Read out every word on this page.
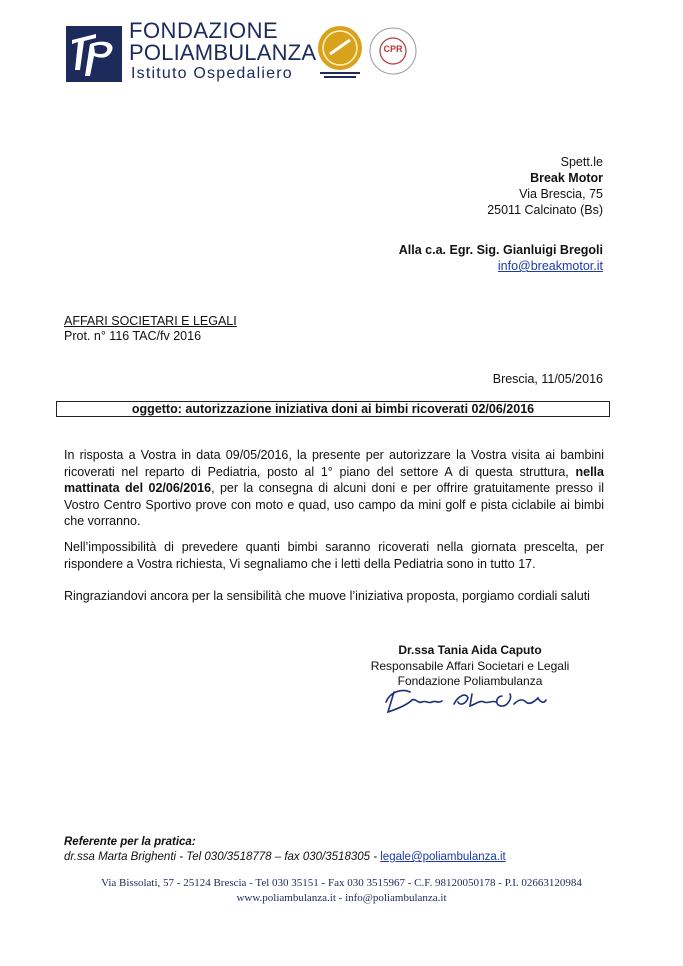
FONDAZIONE
POLIAMBULANZA
Istituto Ospedaliero
CPR
Spett.le
Break Motor
Via Brescia, 75
25011 Calcinato (Bs)
Alla c.a. Egr. Sig. Gianluigi Bregoli
info@breakmotor.it
AFFARI SOCIETARI E LEGALI
Prot. n° 116 TAC/fv 2016
Brescia, 11/05/2016
oggetto: autorizzazione iniziativa doni ai bimbi ricoverati 02/06/2016
In risposta a Vostra in data 09/05/2016, la presente per autorizzare la Vostra visita ai bambini ricoverati nel reparto di Pediatria, posto al 1° piano del settore A di questa struttura, nella mattinata del 02/06/2016, per la consegna di alcuni doni e per offrire gratuitamente presso il Vostro Centro Sportivo prove con moto e quad, uso campo da mini golf e pista ciclabile ai bimbi che vorranno.
Nell’impossibilità di prevedere quanti bimbi saranno ricoverati nella giornata prescelta, per rispondere a Vostra richiesta, Vi segnaliamo che i letti della Pediatria sono in tutto 17.
Ringraziandovi ancora per la sensibilità che muove l’iniziativa proposta, porgiamo cordiali saluti
Dr.ssa Tania Aida Caputo
Responsabile Affari Societari e Legali
Fondazione Poliambulanza
Referente per la pratica:
dr.ssa Marta Brighenti - Tel 030/3518778 – fax 030/3518305 - legale@poliambulanza.it
Via Bissolati, 57 - 25124 Brescia - Tel 030 35151 - Fax 030 3515967 - C.F. 98120050178 - P.I. 02663120984
www.poliambulanza.it - info@poliambulanza.it
